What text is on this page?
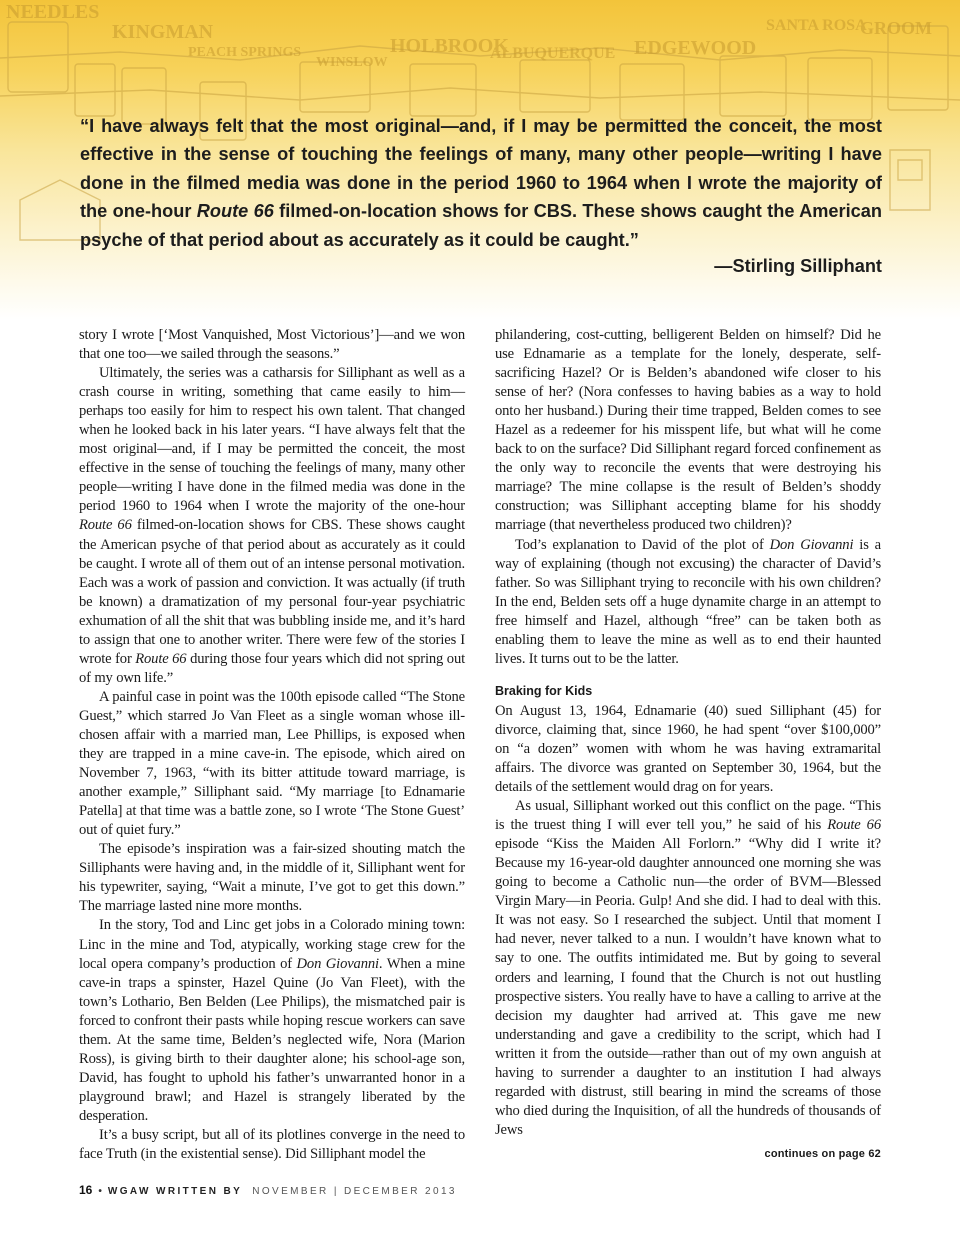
NEEDLES
KINGMAN
PEACH SPRINGS
WINSLOW
HOLBROOK
ALBUQUERQUE EDGEWOOD
SANTA ROSA
GROOM
“I have always felt that the most original—and, if I may be permitted the conceit, the most effective in the sense of touching the feelings of many, many other people—writing I have done in the filmed media was done in the period 1960 to 1964 when I wrote the majority of the one-hour Route 66 filmed-on-location shows for CBS. These shows caught the American psyche of that period about as accurately as it could be caught.”
—Stirling Silliphant

story I wrote [‘Most Vanquished, Most Victorious’]—and we won that one too—we sailed through the seasons.”

Ultimately, the series was a catharsis for Silliphant as well as a crash course in writing, something that came easily to him—perhaps too easily for him to respect his own talent. That changed when he looked back in his later years. “I have always felt that the most original—and, if I may be permitted the conceit, the most effective in the sense of touching the feelings of many, many other people—writing I have done in the filmed media was done in the period 1960 to 1964 when I wrote the majority of the one-hour Route 66 filmed-on-location shows for CBS. These shows caught the American psyche of that period about as accurately as it could be caught. I wrote all of them out of an intense personal motivation. Each was a work of passion and conviction. It was actually (if truth be known) a dramatization of my personal four-year psychiatric exhumation of all the shit that was bubbling inside me, and it’s hard to assign that one to another writer. There were few of the stories I wrote for Route 66 during those four years which did not spring out of my own life.”

A painful case in point was the 100th episode called “The Stone Guest,” which starred Jo Van Fleet as a single woman whose ill-chosen affair with a married man, Lee Phillips, is exposed when they are trapped in a mine cave-in. The episode, which aired on November 7, 1963, “with its bitter attitude toward marriage, is another example,” Silliphant said. “My marriage [to Ednamarie Patella] at that time was a battle zone, so I wrote ‘The Stone Guest’ out of quiet fury.”

The episode’s inspiration was a fair-sized shouting match the Silliphants were having and, in the middle of it, Silliphant went for his typewriter, saying, “Wait a minute, I’ve got to get this down.” The marriage lasted nine more months.

In the story, Tod and Linc get jobs in a Colorado mining town: Linc in the mine and Tod, atypically, working stage crew for the local opera company’s production of Don Giovanni. When a mine cave-in traps a spinster, Hazel Quine (Jo Van Fleet), with the town’s Lothario, Ben Belden (Lee Philips), the mismatched pair is forced to confront their pasts while hoping rescue workers can save them. At the same time, Belden’s neglected wife, Nora (Marion Ross), is giving birth to their daughter alone; his school-age son, David, has fought to uphold his father’s unwarranted honor in a playground brawl; and Hazel is strangely liberated by the desperation.

It’s a busy script, but all of its plotlines converge in the need to face Truth (in the existential sense). Did Silliphant model the

philandering, cost-cutting, belligerent Belden on himself? Did he use Ednamarie as a template for the lonely, desperate, self-sacrificing Hazel? Or is Belden’s abandoned wife closer to his sense of her? (Nora confesses to having babies as a way to hold onto her husband.) During their time trapped, Belden comes to see Hazel as a redeemer for his misspent life, but what will he come back to on the surface? Did Silliphant regard forced confinement as the only way to reconcile the events that were destroying his marriage? The mine collapse is the result of Belden’s shoddy construction; was Silliphant accepting blame for his shoddy marriage (that nevertheless produced two children)?

Tod’s explanation to David of the plot of Don Giovanni is a way of explaining (though not excusing) the character of David’s father. So was Silliphant trying to reconcile with his own children? In the end, Belden sets off a huge dynamite charge in an attempt to free himself and Hazel, although “free” can be taken both as enabling them to leave the mine as well as to end their haunted lives. It turns out to be the latter.

Braking for Kids

On August 13, 1964, Ednamarie (40) sued Silliphant (45) for divorce, claiming that, since 1960, he had spent “over $100,000” on “a dozen” women with whom he was having extramarital affairs. The divorce was granted on September 30, 1964, but the details of the settlement would drag on for years.

As usual, Silliphant worked out this conflict on the page. “This is the truest thing I will ever tell you,” he said of his Route 66 episode “Kiss the Maiden All Forlorn.” “Why did I write it? Because my 16-year-old daughter announced one morning she was going to become a Catholic nun—the order of BVM—Blessed Virgin Mary—in Peoria. Gulp! And she did. I had to deal with this. It was not easy. So I researched the subject. Until that moment I had never, never talked to a nun. I wouldn’t have known what to say to one. The outfits intimidated me. But by going to several orders and learning, I found that the Church is not out hustling prospective sisters. You really have to have a calling to arrive at the decision my daughter had arrived at. This gave me new understanding and gave a credibility to the script, which had I written it from the outside—rather than out of my own anguish at having to surrender a daughter to an institution I had always regarded with distrust, still bearing in mind the screams of those who died during the Inquisition, of all the hundreds of thousands of Jews

continues on page 62
16 • WGAW WRITTEN BY NOVEMBER | DECEMBER 2013
